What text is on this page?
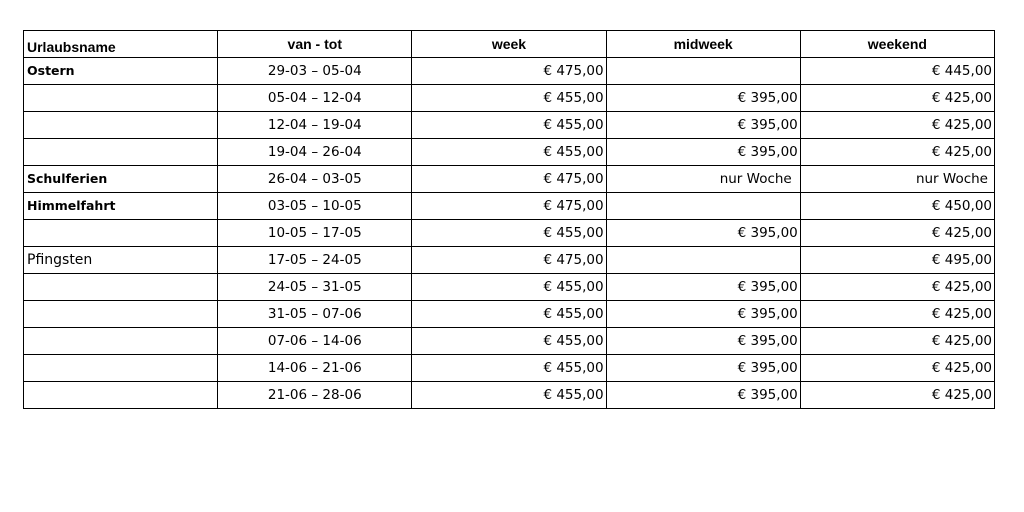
Urlaubsname	van - tot	week	midweek	weekend
Ostern	29-03 – 05-04	€ 475,00		€ 445,00
	05-04 – 12-04	€ 455,00	€ 395,00	€ 425,00
	12-04 – 19-04	€ 455,00	€ 395,00	€ 425,00
	19-04 – 26-04	€ 455,00	€ 395,00	€ 425,00
Schulferien	26-04 – 03-05	€ 475,00	nur Woche	nur Woche
Himmelfahrt	03-05 – 10-05	€ 475,00		€ 450,00
	10-05 – 17-05	€ 455,00	€ 395,00	€ 425,00
Pfingsten	17-05 – 24-05	€ 475,00		€ 495,00
	24-05 – 31-05	€ 455,00	€ 395,00	€ 425,00
	31-05 – 07-06	€ 455,00	€ 395,00	€ 425,00
	07-06 – 14-06	€ 455,00	€ 395,00	€ 425,00
	14-06 – 21-06	€ 455,00	€ 395,00	€ 425,00
	21-06 – 28-06	€ 455,00	€ 395,00	€ 425,00
